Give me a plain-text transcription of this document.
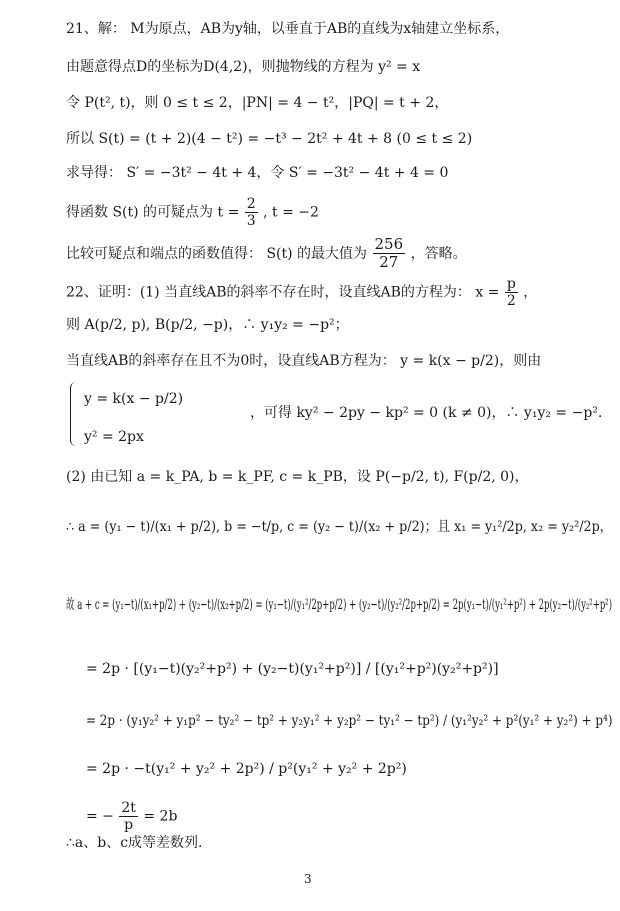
21、解： M为原点，AB为y轴，以垂直于AB的直线为x轴建立坐标系，
由题意得点D的坐标为D(4,2)，则抛物线的方程为 y² = x
令 P(t², t)，则 0 ≤ t ≤ 2，|PN| = 4 − t²，|PQ| = t + 2，
所以 S(t) = (t + 2)(4 − t²) = −t³ − 2t² + 4t + 8 (0 ≤ t ≤ 2)
求导得： S′ = −3t² − 4t + 4，令 S′ = −3t² − 4t + 4 = 0
得函数 S(t) 的可疑点为 $t = \frac{2}{3}$ , t = −2
比较可疑点和端点的函数值得： S(t) 的最大值为 $\frac{256}{27}$ ，答略。
22、证明：(1) 当直线AB的斜率不存在时，设直线AB的方程为： $x = \frac{p}{2}$ ，
则 A(p/2, p), B(p/2, −p)，∴ y₁y₂ = −p²；
当直线AB的斜率存在且不为0时，设直线AB方程为： y = k(x − p/2)，则由
y = k(x − p/2)
，可得 ky² − 2py − kp² = 0 (k ≠ 0)，∴ y₁y₂ = −p².
y² = 2px
(2) 由已知 a = k_PA, b = k_PF, c = k_PB，设 P(−p/2, t), F(p/2, 0)，
∴ a = (y₁ − t)/(x₁ + p/2), b = −t/p, c = (y₂ − t)/(x₂ + p/2)；且 x₁ = y₁²/2p, x₂ = y₂²/2p，
故 a + c = (y₁−t)/(x₁+p/2) + (y₂−t)/(x₂+p/2) = (y₁−t)/(y₁²/2p+p/2) + (y₂−t)/(y₂²/2p+p/2) = 2p(y₁−t)/(y₁²+p²) + 2p(y₂−t)/(y₂²+p²)
= 2p · [(y₁−t)(y₂²+p²) + (y₂−t)(y₁²+p²)] / [(y₁²+p²)(y₂²+p²)]
= 2p · (y₁y₂² + y₁p² − ty₂² − tp² + y₂y₁² + y₂p² − ty₁² − tp²) / (y₁²y₂² + p²(y₁² + y₂²) + p⁴)
= 2p · −t(y₁² + y₂² + 2p²) / p²(y₁² + y₂² + 2p²)
= − $\frac{2t}{p} = 2b$
∴a、b、c成等差数列.
3
